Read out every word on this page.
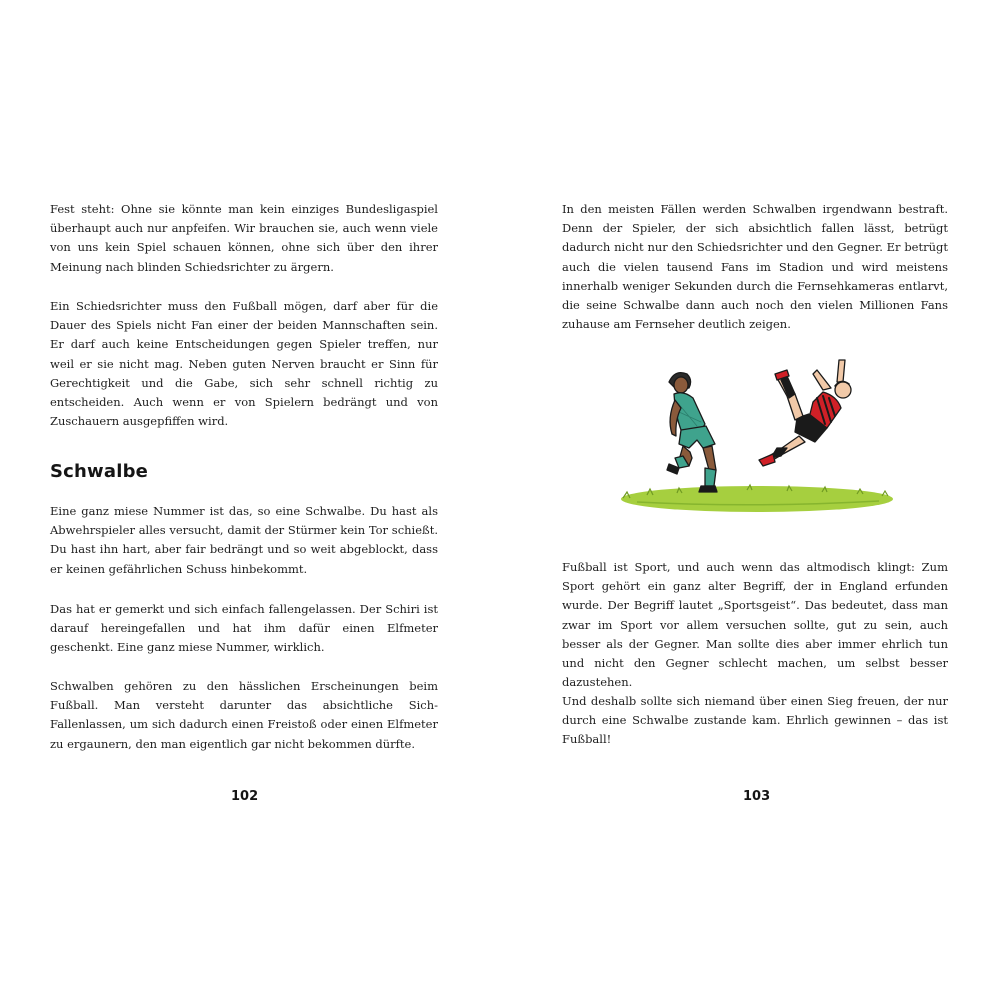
Fest steht: Ohne sie könnte man kein einziges Bundesligaspiel überhaupt auch nur anpfeifen. Wir brauchen sie, auch wenn viele von uns kein Spiel schauen können, ohne sich über den ihrer Meinung nach blinden Schiedsrichter zu ärgern.

Ein Schiedsrichter muss den Fußball mögen, darf aber für die Dauer des Spiels nicht Fan einer der beiden Mannschaften sein. Er darf auch keine Entscheidungen gegen Spieler treffen, nur weil er sie nicht mag. Neben guten Nerven braucht er Sinn für Gerechtigkeit und die Gabe, sich sehr schnell richtig zu entscheiden. Auch wenn er von Spielern bedrängt und von Zuschauern ausgepfiffen wird.

Schwalbe

Eine ganz miese Nummer ist das, so eine Schwalbe. Du hast als Abwehrspieler alles versucht, damit der Stürmer kein Tor schießt. Du hast ihn hart, aber fair bedrängt und so weit abgeblockt, dass er keinen gefährlichen Schuss hinbekommt.

Das hat er gemerkt und sich einfach fallengelassen. Der Schiri ist darauf hereingefallen und hat ihm dafür einen Elfmeter geschenkt. Eine ganz miese Nummer, wirklich.

Schwalben gehören zu den hässlichen Erscheinungen beim Fußball. Man versteht darunter das absichtliche Sich-Fallenlassen, um sich dadurch einen Freistoß oder einen Elfmeter zu ergaunern, den man eigentlich gar nicht bekommen dürfte.

102

In den meisten Fällen werden Schwalben irgendwann bestraft. Denn der Spieler, der sich absichtlich fallen lässt, betrügt dadurch nicht nur den Schiedsrichter und den Gegner. Er betrügt auch die vielen tausend Fans im Stadion und wird meistens innerhalb weniger Sekunden durch die Fernsehkameras entlarvt, die seine Schwalbe dann auch noch den vielen Millionen Fans zuhause am Fernseher deutlich zeigen.

Fußball ist Sport, und auch wenn das altmodisch klingt: Zum Sport gehört ein ganz alter Begriff, der in England erfunden wurde. Der Begriff lautet „Sportsgeist“. Das bedeutet, dass man zwar im Sport vor allem versuchen sollte, gut zu sein, auch besser als der Gegner. Man sollte dies aber immer ehrlich tun und nicht den Gegner schlecht machen, um selbst besser dazustehen.

Und deshalb sollte sich niemand über einen Sieg freuen, der nur durch eine Schwalbe zustande kam. Ehrlich gewinnen – das ist Fußball!

103
